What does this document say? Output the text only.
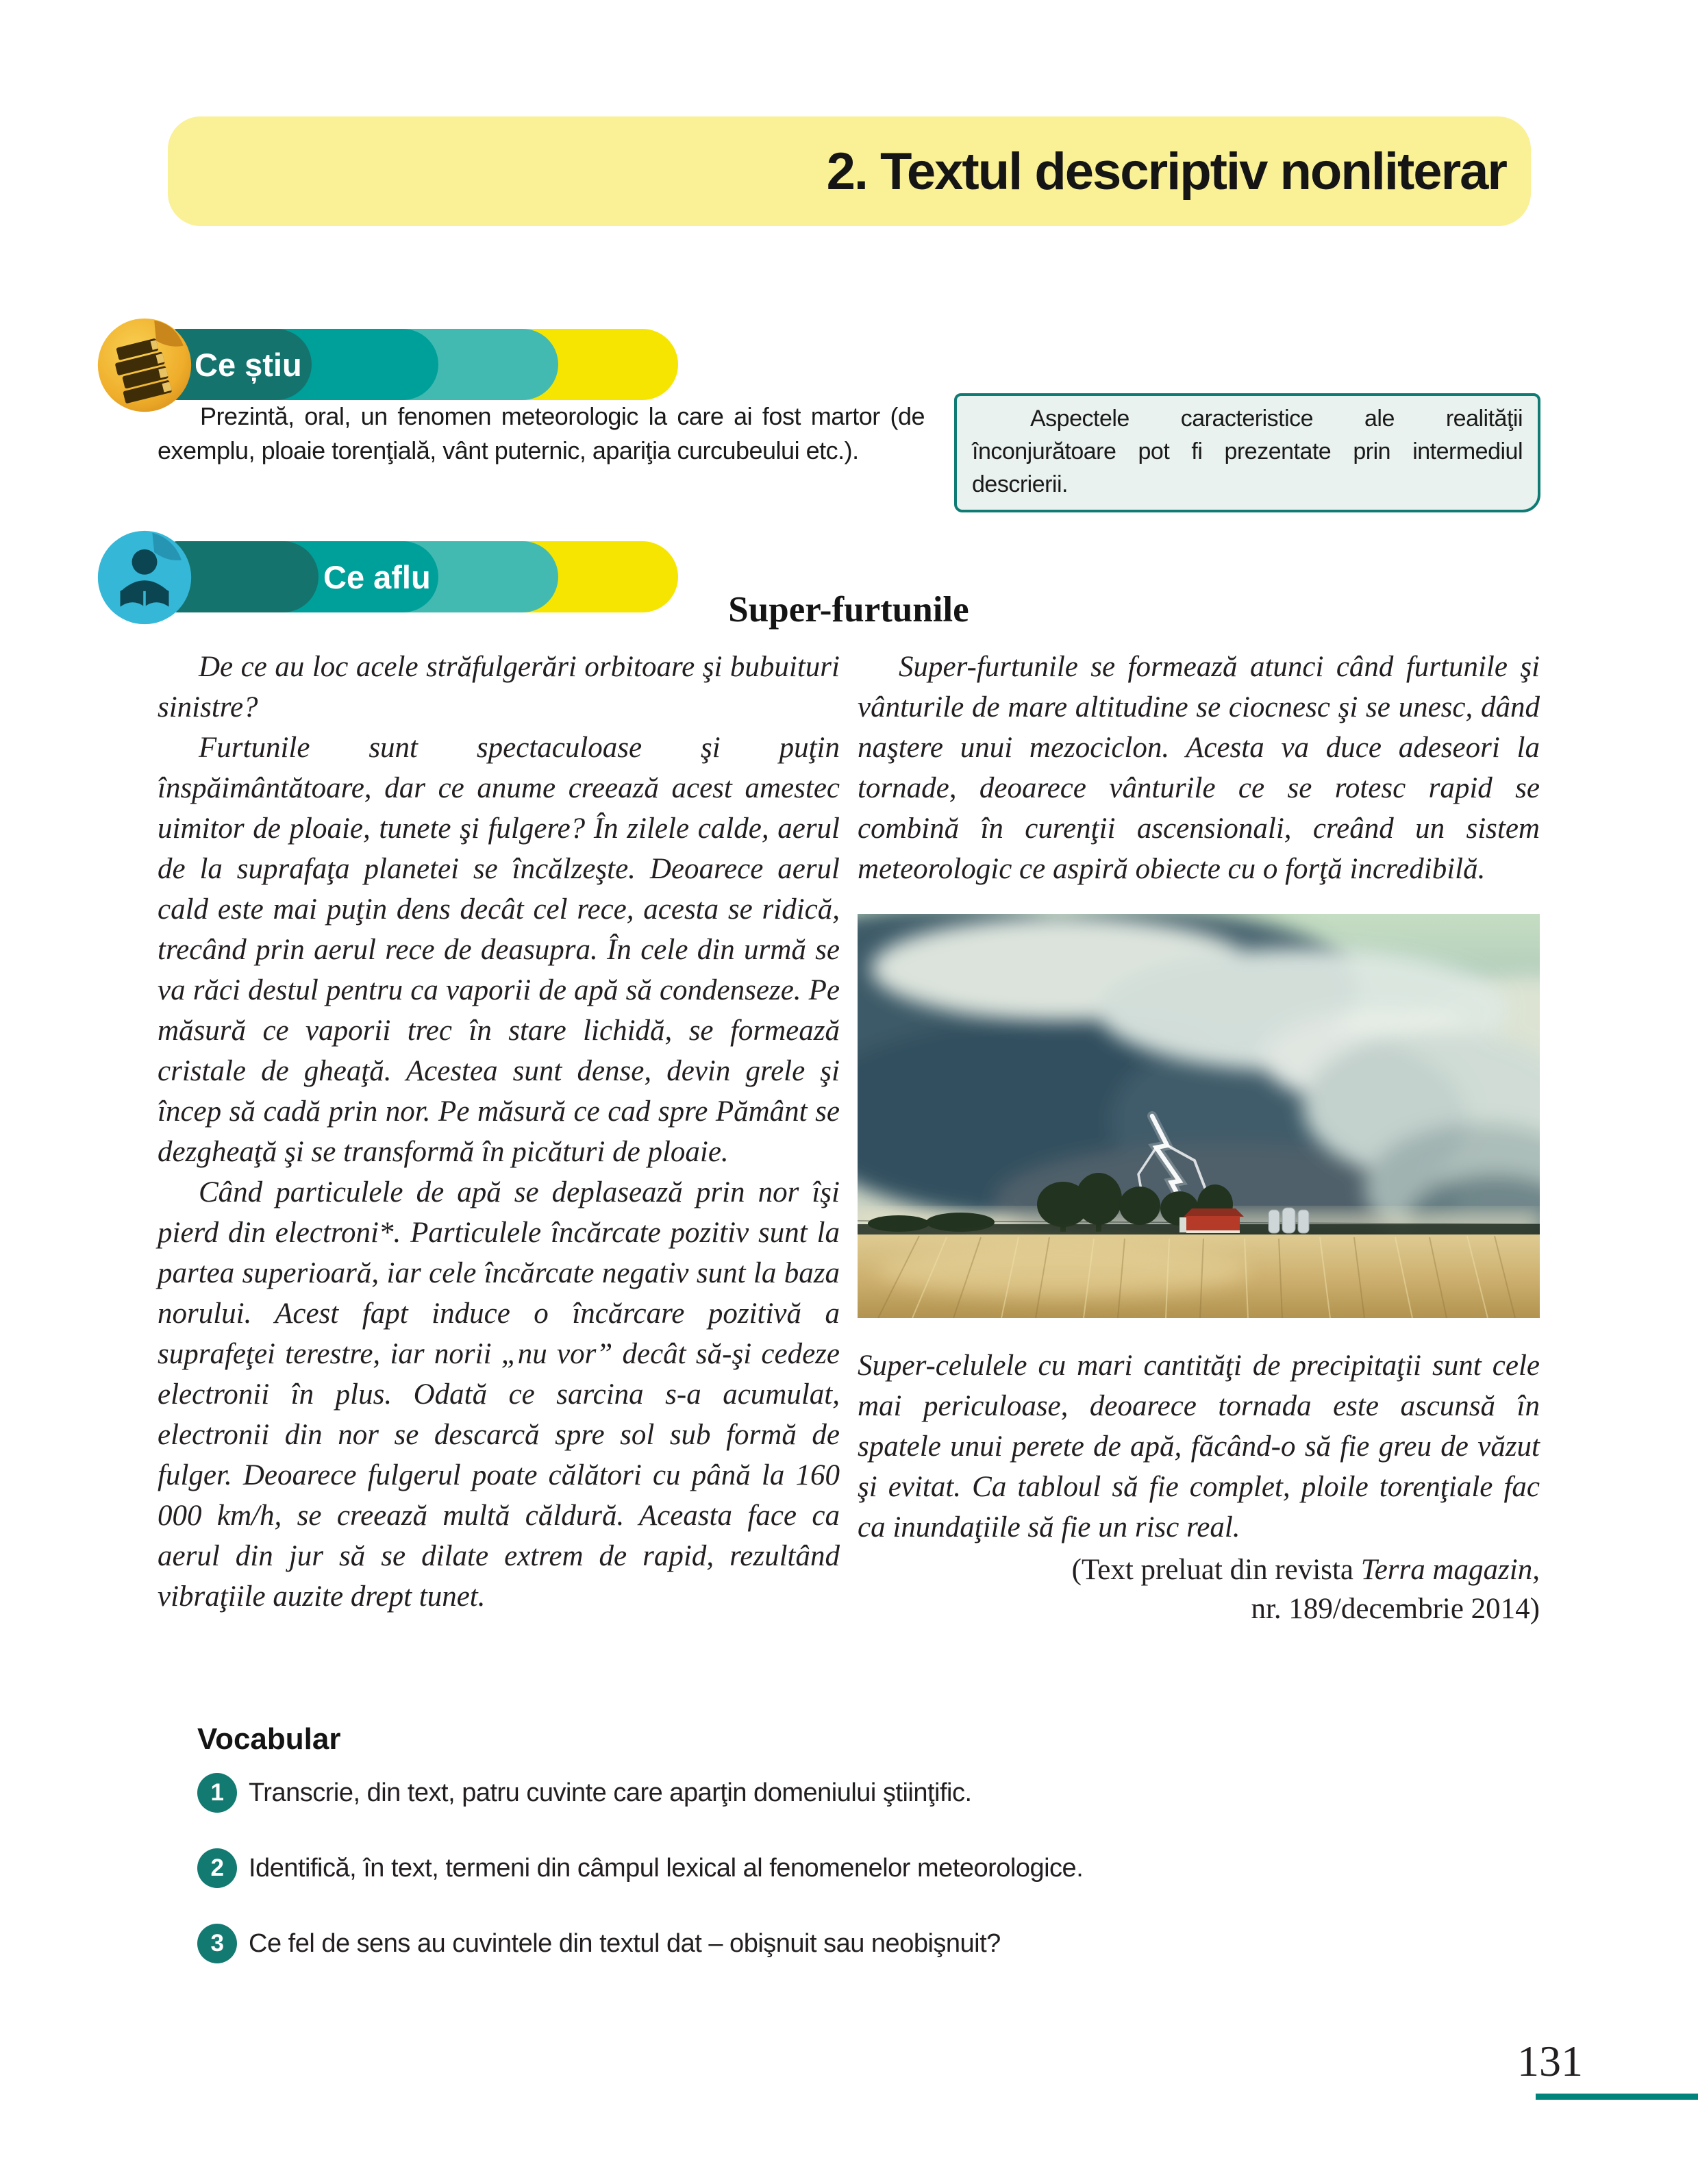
2. Textul descriptiv nonliterar
Ce știu

Prezintă, oral, un fenomen meteorologic la care ai fost martor (de exemplu, ploaie torenţială, vânt puternic, apariţia curcubeului etc.).

Aspectele caracteristice ale realităţii înconjurătoare pot fi prezentate prin intermediul descrierii.

Ce aflu
Super-furtunile

De ce au loc acele străfulgerări orbitoare şi bubuituri sinistre?

Furtunile sunt spectaculoase şi puţin înspăimântătoare, dar ce anume creează acest amestec uimitor de ploaie, tunete şi fulgere? În zilele calde, aerul de la suprafaţa planetei se încălzeşte. Deoarece aerul cald este mai puţin dens decât cel rece, acesta se ridică, trecând prin aerul rece de deasupra. În cele din urmă se va răci destul pentru ca vaporii de apă să condenseze. Pe măsură ce vaporii trec în stare lichidă, se formează cristale de gheaţă. Acestea sunt dense, devin grele şi încep să cadă prin nor. Pe măsură ce cad spre Pământ se dezgheaţă şi se transformă în picături de ploaie.

Când particulele de apă se deplasează prin nor îşi pierd din electroni*. Particulele încărcate pozitiv sunt la partea superioară, iar cele încărcate negativ sunt la baza norului. Acest fapt induce o încărcare pozitivă a suprafeţei terestre, iar norii „nu vor” decât să-şi cedeze electronii în plus. Odată ce sarcina s-a acumulat, electronii din nor se descarcă spre sol sub formă de fulger. Deoarece fulgerul poate călători cu până la 160 000 km/h, se creează multă căldură. Aceasta face ca aerul din jur să se dilate extrem de rapid, rezultând vibraţiile auzite drept tunet.

Super-furtunile se formează atunci când furtunile şi vânturile de mare altitudine se ciocnesc şi se unesc, dând naştere unui mezociclon. Acesta va duce adeseori la tornade, deoarece vânturile ce se rotesc rapid se combină în curenţii ascensionali, creând un sistem meteorologic ce aspiră obiecte cu o forţă incredibilă.

Super-celulele cu mari cantităţi de precipitaţii sunt cele mai periculoase, deoarece tornada este ascunsă în spatele unui perete de apă, făcând-o să fie greu de văzut şi evitat. Ca tabloul să fie complet, ploile torenţiale fac ca inundaţiile să fie un risc real.

(Text preluat din revista Terra magazin,
nr. 189/decembrie 2014)
Vocabular
1 Transcrie, din text, patru cuvinte care aparţin domeniului ştiinţific.
2 Identifică, în text, termeni din câmpul lexical al fenomenelor meteorologice.
3 Ce fel de sens au cuvintele din textul dat – obişnuit sau neobişnuit?
131
